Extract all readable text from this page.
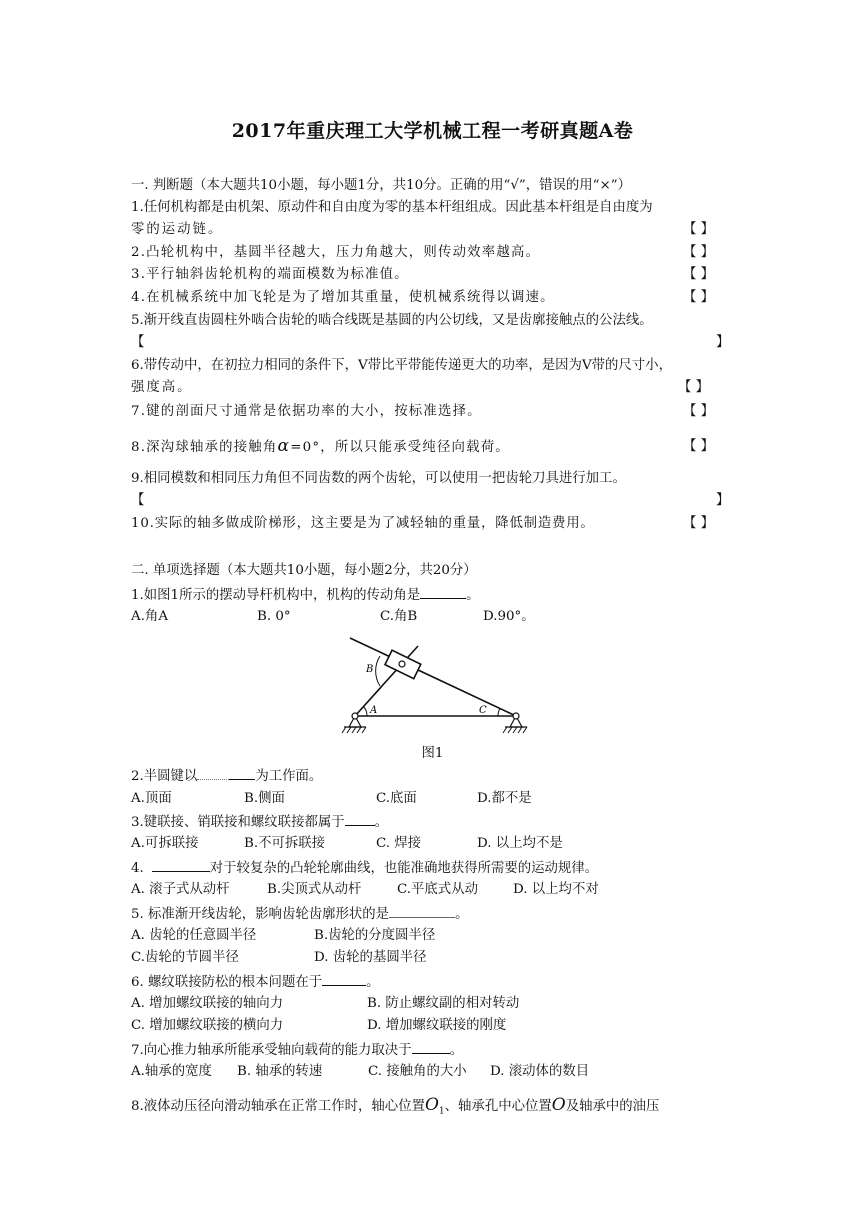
2017年重庆理工大学机械工程一考研真题A卷
一. 判断题（本大题共10小题，每小题1分，共10分。正确的用“√”，错误的用“×”）
1.任何机构都是由机架、原动件和自由度为零的基本杆组组成。因此基本杆组是自由度为
零的运动链。	【 】
2.凸轮机构中，基圆半径越大，压力角越大，则传动效率越高。	【 】
3.平行轴斜齿轮机构的端面模数为标准值。	【 】
4.在机械系统中加飞轮是为了增加其重量，使机械系统得以调速。	【 】
5.渐开线直齿圆柱外啮合齿轮的啮合线既是基圆的内公切线，又是齿廓接触点的公法线。
【	】
6.带传动中，在初拉力相同的条件下，V带比平带能传递更大的功率，是因为V带的尺寸小，
强度高。	【 】
7.键的剖面尺寸通常是依据功率的大小，按标准选择。	【 】
8.深沟球轴承的接触角α=0°，所以只能承受纯径向载荷。	【 】
9.相同模数和相同压力角但不同齿数的两个齿轮，可以使用一把齿轮刀具进行加工。
【	】
10.实际的轴多做成阶梯形，这主要是为了减轻轴的重量，降低制造费用。	【 】
二. 单项选择题（本大题共10小题，每小题2分，共20分）
1.如图1所示的摆动导杆机构中，机构的传动角是	。
A.角A	B. 0°	C.角B	D.90°。
B
A	C
图1
2.半圆键以	为工作面。
A.顶面	B.侧面	C.底面	D.都不是
3.键联接、销联接和螺纹联接都属于 。
A.可拆联接	B.不可拆联接	C. 焊接	D. 以上均不是
4.	对于较复杂的凸轮轮廓曲线，也能准确地获得所需要的运动规律。
A. 滚子式从动杆	B.尖顶式从动杆	C.平底式从动	D. 以上均不对
5. 标准渐开线齿轮，影响齿轮齿廓形状的是	。
A. 齿轮的任意圆半径	B.齿轮的分度圆半径
C.齿轮的节圆半径	D. 齿轮的基圆半径
6. 螺纹联接防松的根本问题在于	。
A. 增加螺纹联接的轴向力	B. 防止螺纹副的相对转动
C. 增加螺纹联接的横向力	D. 增加螺纹联接的刚度
7.向心推力轴承所能承受轴向载荷的能力取决于	。
A.轴承的宽度 B. 轴承的转速	C. 接触角的大小 D. 滚动体的数目
8.液体动压径向滑动轴承在正常工作时，轴心位置$O_1$、轴承孔中心位置O及轴承中的油压
